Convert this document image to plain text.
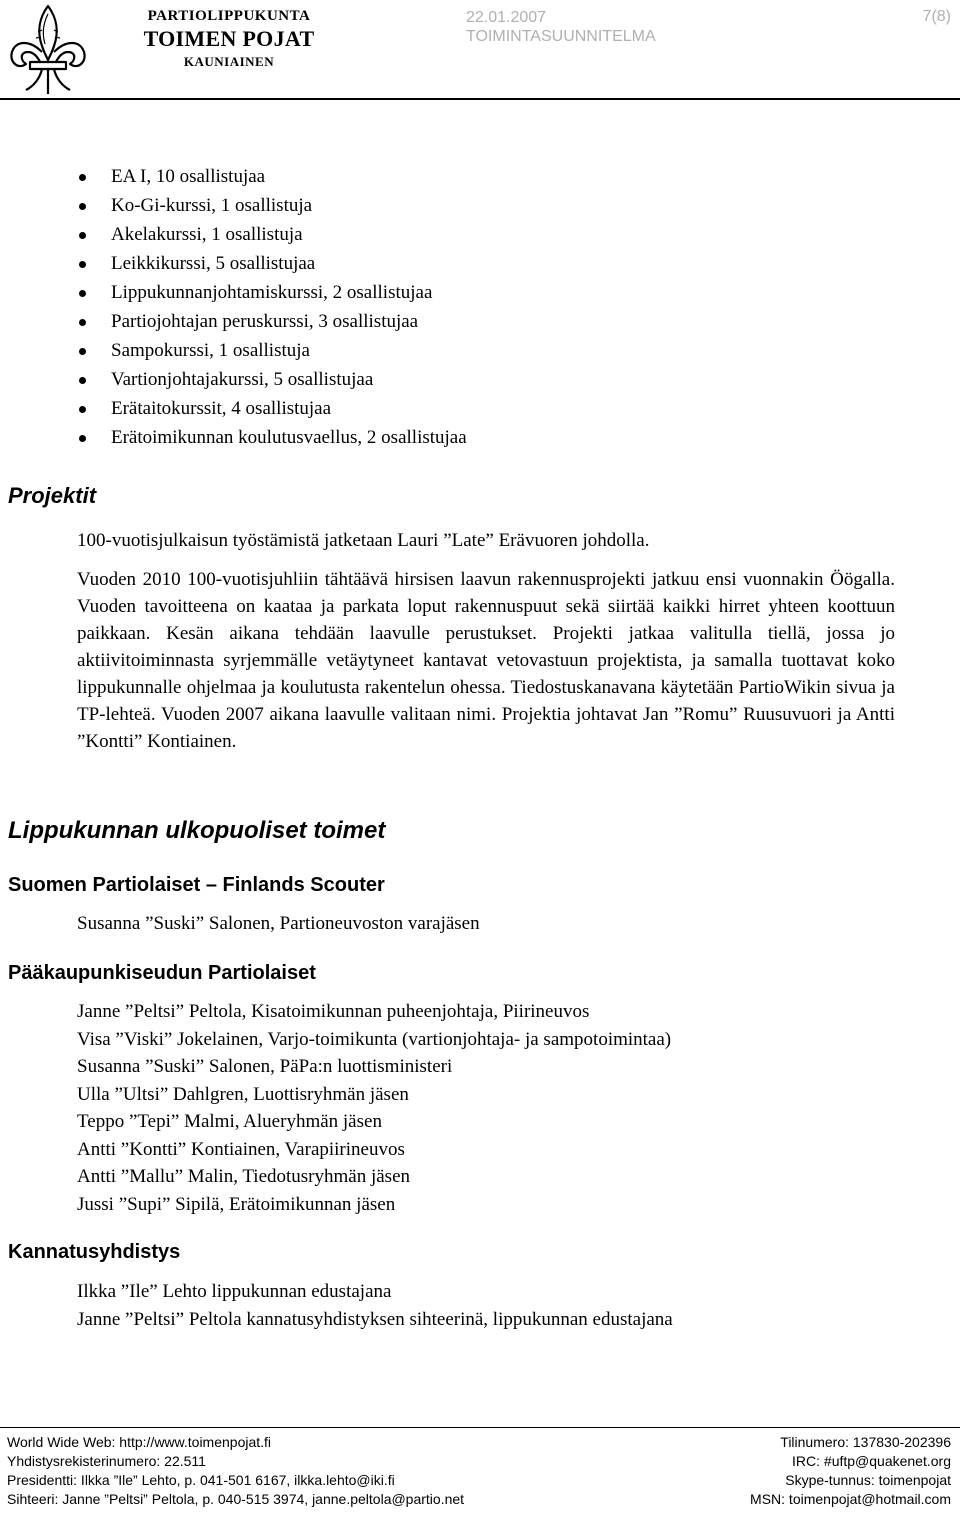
PARTIOLIPPUKUNTA
TOIMEN POJAT
KAUNIAINEN
22.01.2007
TOIMINTASUUNNITELMA
7(8)
EA I, 10 osallistujaa
Ko-Gi-kurssi, 1 osallistuja
Akelakurssi, 1 osallistuja
Leikkikurssi, 5 osallistujaa
Lippukunnanjohtamiskurssi, 2 osallistujaa
Partiojohtajan peruskurssi, 3 osallistujaa
Sampokurssi, 1 osallistuja
Vartionjohtajakurssi, 5 osallistujaa
Erätaitokurssit, 4 osallistujaa
Erätoimikunnan koulutusvaellus, 2 osallistujaa
Projektit

100-vuotisjulkaisun työstämistä jatketaan Lauri ”Late” Erävuoren johdolla.

Vuoden 2010 100-vuotisjuhliin tähtäävä hirsisen laavun rakennusprojekti jatkuu ensi vuonnakin Öögalla. Vuoden tavoitteena on kaataa ja parkata loput rakennuspuut sekä siirtää kaikki hirret yhteen koottuun paikkaan. Kesän aikana tehdään laavulle perustukset. Projekti jatkaa valitulla tiellä, jossa jo aktiivitoiminnasta syrjemmälle vetäytyneet kantavat vetovastuun projektista, ja samalla tuottavat koko lippukunnalle ohjelmaa ja koulutusta rakentelun ohessa. Tiedostuskanavana käytetään PartioWikin sivua ja TP-lehteä. Vuoden 2007 aikana laavulle valitaan nimi. Projektia johtavat Jan ”Romu” Ruusuvuori ja Antti ”Kontti” Kontiainen.

Lippukunnan ulkopuoliset toimet
Suomen Partiolaiset – Finlands Scouter
Susanna ”Suski” Salonen, Partioneuvoston varajäsen
Pääkaupunkiseudun Partiolaiset
Janne ”Peltsi” Peltola, Kisatoimikunnan puheenjohtaja, Piirineuvos
Visa ”Viski” Jokelainen, Varjo-toimikunta (vartionjohtaja- ja sampotoimintaa)
Susanna ”Suski” Salonen, PäPa:n luottisministeri
Ulla ”Ultsi” Dahlgren, Luottisryhmän jäsen
Teppo ”Tepi” Malmi, Alueryhmän jäsen
Antti ”Kontti” Kontiainen, Varapiirineuvos
Antti ”Mallu” Malin, Tiedotusryhmän jäsen
Jussi ”Supi” Sipilä, Erätoimikunnan jäsen
Kannatusyhdistys
Ilkka ”Ile” Lehto lippukunnan edustajana
Janne ”Peltsi” Peltola kannatusyhdistyksen sihteerinä, lippukunnan edustajana
World Wide Web: http://www.toimenpojat.fi	Tilinumero: 137830-202396
Yhdistysrekisterinumero: 22.511	IRC: #uftp@quakenet.org
Presidentti: Ilkka ”Ile” Lehto, p. 041-501 6167, ilkka.lehto@iki.fi	Skype-tunnus: toimenpojat
Sihteeri: Janne ”Peltsi” Peltola, p. 040-515 3974, janne.peltola@partio.net	MSN: toimenpojat@hotmail.com
